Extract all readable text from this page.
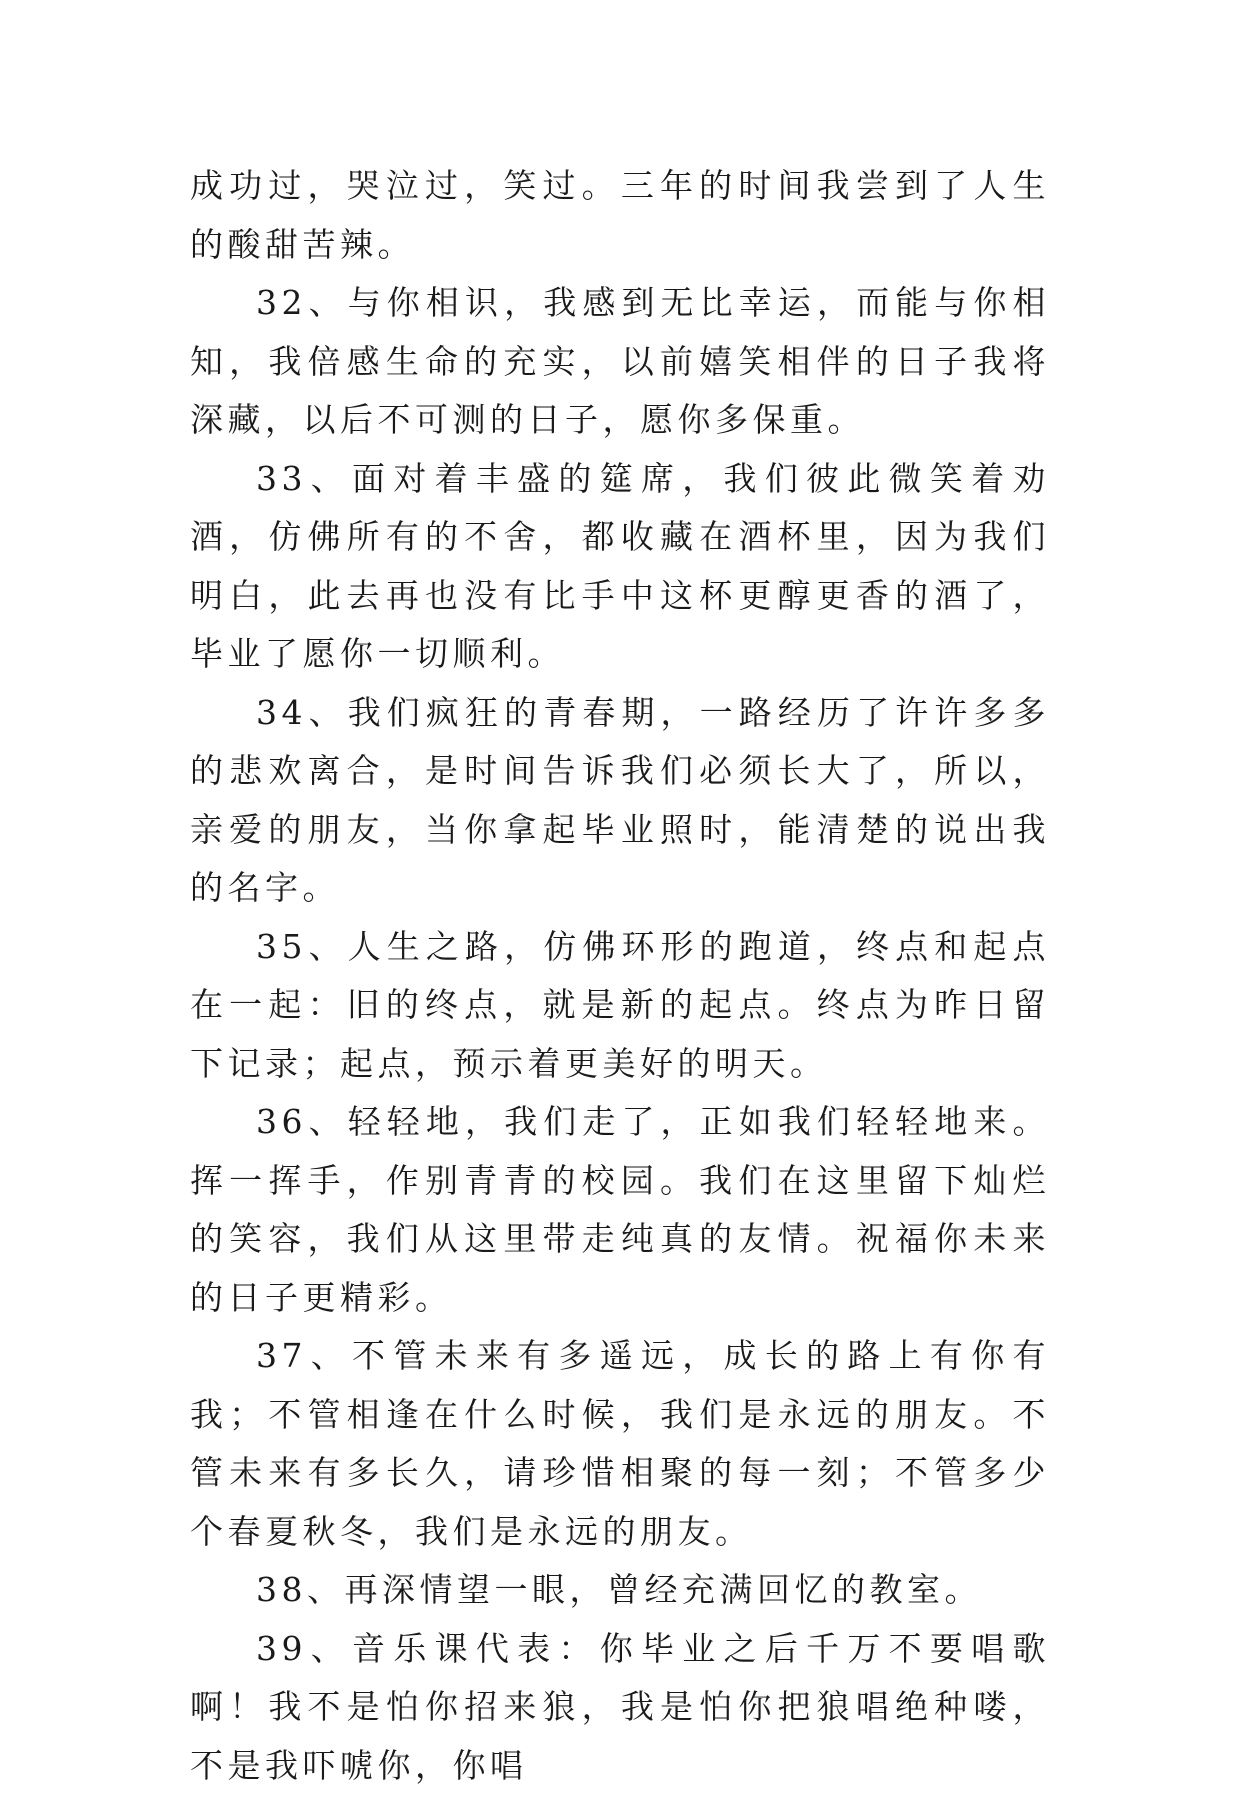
成功过，哭泣过，笑过。三年的时间我尝到了人生的酸甜苦辣。

32、与你相识，我感到无比幸运，而能与你相知，我倍感生命的充实，以前嬉笑相伴的日子我将深藏，以后不可测的日子，愿你多保重。

33、面对着丰盛的筵席，我们彼此微笑着劝酒，仿佛所有的不舍，都收藏在酒杯里，因为我们明白，此去再也没有比手中这杯更醇更香的酒了，毕业了愿你一切顺利。

34、我们疯狂的青春期，一路经历了许许多多的悲欢离合，是时间告诉我们必须长大了，所以，亲爱的朋友，当你拿起毕业照时，能清楚的说出我的名字。

35、人生之路，仿佛环形的跑道，终点和起点在一起：旧的终点，就是新的起点。终点为昨日留下记录；起点，预示着更美好的明天。

36、轻轻地，我们走了，正如我们轻轻地来。挥一挥手，作别青青的校园。我们在这里留下灿烂的笑容，我们从这里带走纯真的友情。祝福你未来的日子更精彩。

37、不管未来有多遥远，成长的路上有你有我；不管相逢在什么时候，我们是永远的朋友。不管未来有多长久，请珍惜相聚的每一刻；不管多少个春夏秋冬，我们是永远的朋友。

38、再深情望一眼，曾经充满回忆的教室。

39、音乐课代表：你毕业之后千万不要唱歌啊！我不是怕你招来狼，我是怕你把狼唱绝种喽，不是我吓唬你，你唱
